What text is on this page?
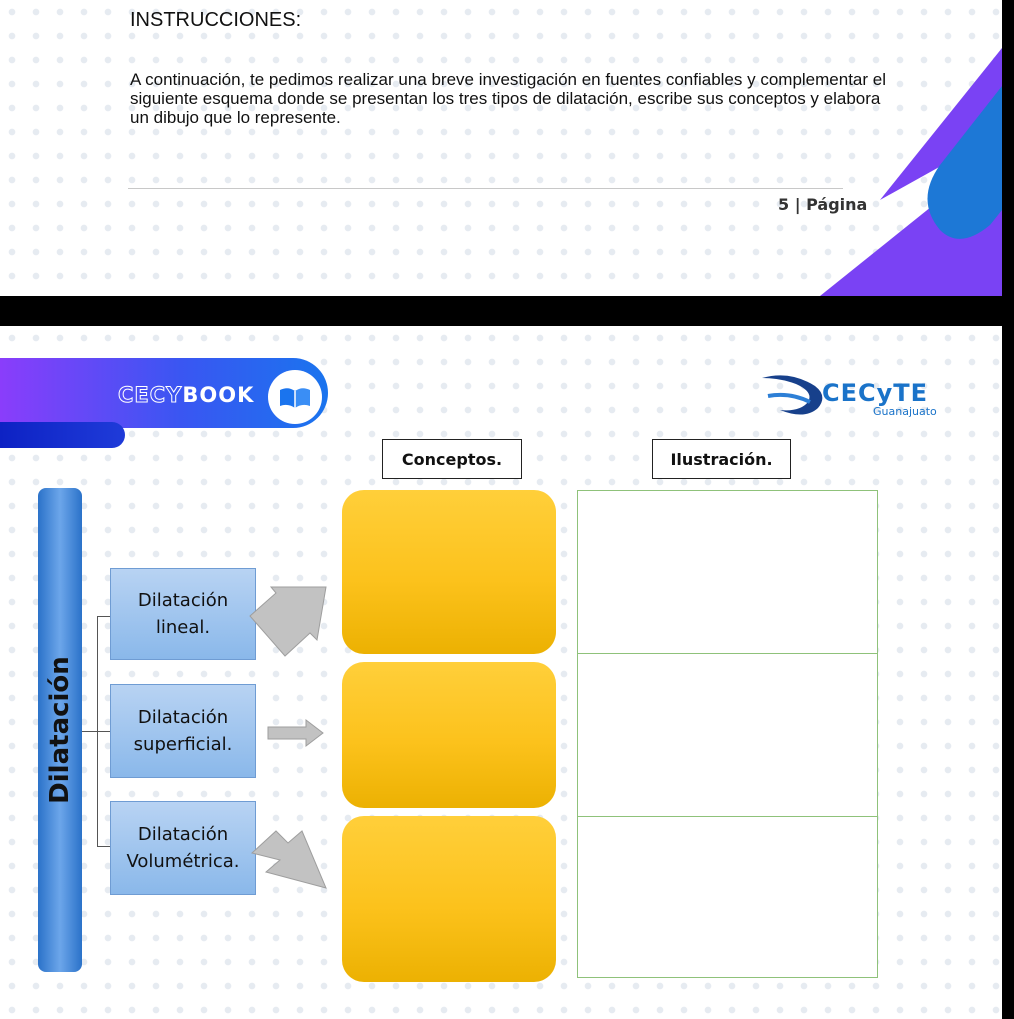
INSTRUCCIONES:
A continuación, te pedimos realizar una breve investigación en fuentes confiables y complementar el siguiente esquema donde se presentan los tres tipos de dilatación, escribe sus conceptos y elabora un dibujo que lo represente.
5 | Página
CECYBOOK	CECyTE
Guanajuato
Conceptos.	Ilustración.
Dilatación
Dilatación
lineal.
Dilatación
superficial.
Dilatación
Volumétrica.
